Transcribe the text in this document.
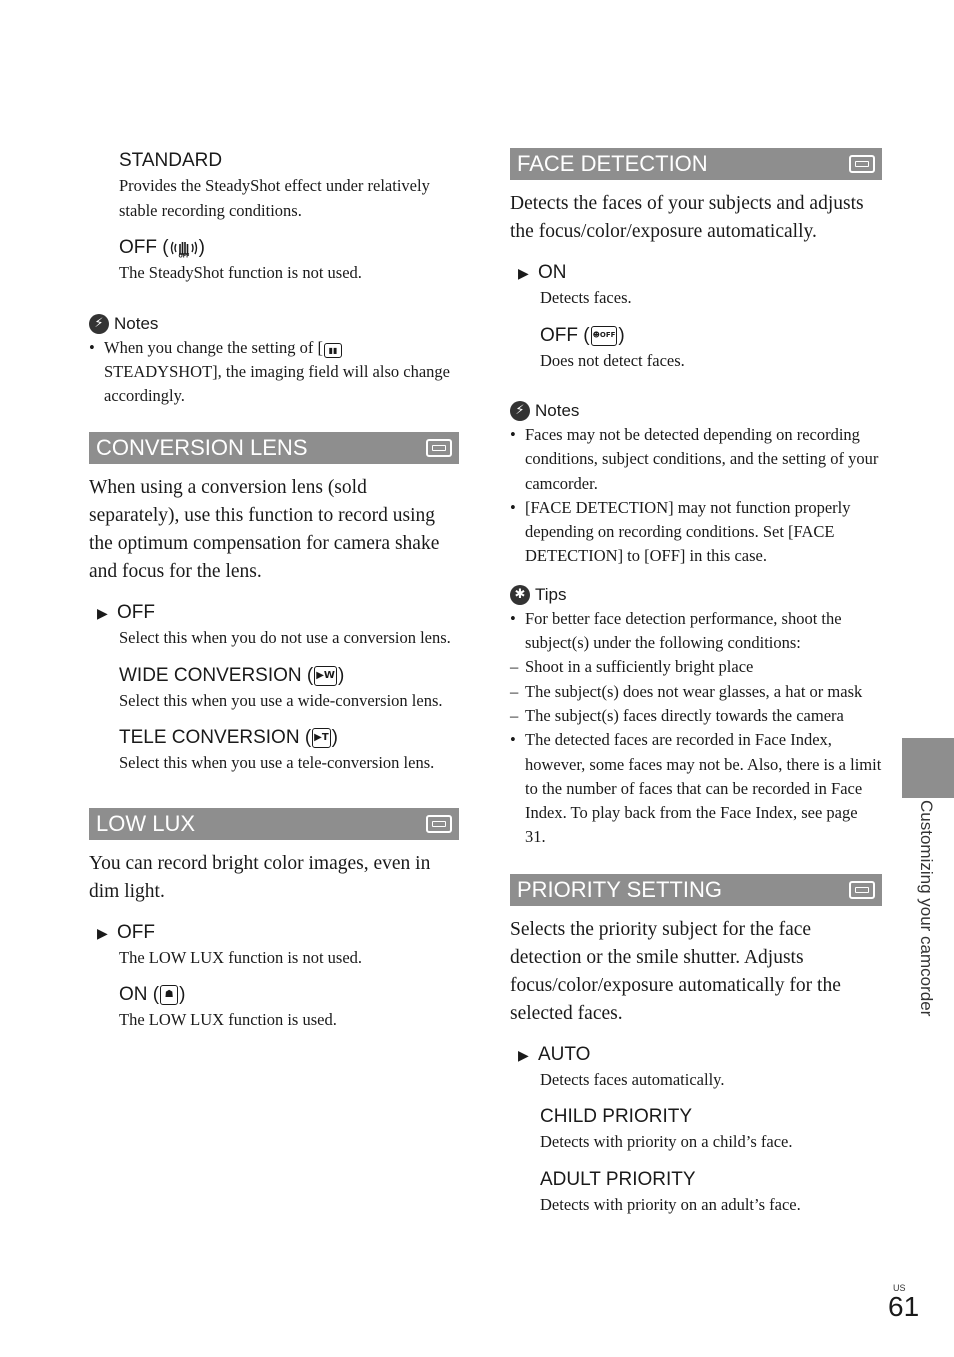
STANDARD
Provides the SteadyShot effect under relatively stable recording conditions.
OFF ( OFF )
The SteadyShot function is not used.
⚡ Notes
• When you change the setting of [ ▮▮STEADYSHOT], the imaging field will also change accordingly.
CONVERSION LENS

When using a conversion lens (sold separately), use this function to record using the optimum compensation for camera shake and focus for the lens.

▶ OFF
Select this when you do not use a conversion lens.
WIDE CONVERSION ( ▶W )
Select this when you use a wide-conversion lens.
TELE CONVERSION ( ▶T )
Select this when you use a tele-conversion lens.
LOW LUX

You can record bright color images, even in dim light.

▶ OFF
The LOW LUX function is not used.
ON ( ☗ )
The LOW LUX function is used.
FACE DETECTION

Detects the faces of your subjects and adjusts the focus/color/exposure automatically.

▶ ON
Detects faces.
OFF ( ☻OFF )
Does not detect faces.
⚡ Notes
• Faces may not be detected depending on recording conditions, subject conditions, and the setting of your camcorder.
• [FACE DETECTION] may not function properly depending on recording conditions. Set [FACE DETECTION] to [OFF] in this case.
✱ Tips
• For better face detection performance, shoot the subject(s) under the following conditions:
– Shoot in a sufficiently bright place
– The subject(s) does not wear glasses, a hat or mask
– The subject(s) faces directly towards the camera
• The detected faces are recorded in Face Index, however, some faces may not be. Also, there is a limit to the number of faces that can be recorded in Face Index. To play back from the Face Index, see page 31.
PRIORITY SETTING

Selects the priority subject for the face detection or the smile shutter. Adjusts focus/color/exposure automatically for the selected faces.

▶ AUTO
Detects faces automatically.
CHILD PRIORITY
Detects with priority on a child’s face.
ADULT PRIORITY
Detects with priority on an adult’s face.
Customizing your camcorder
US
61
